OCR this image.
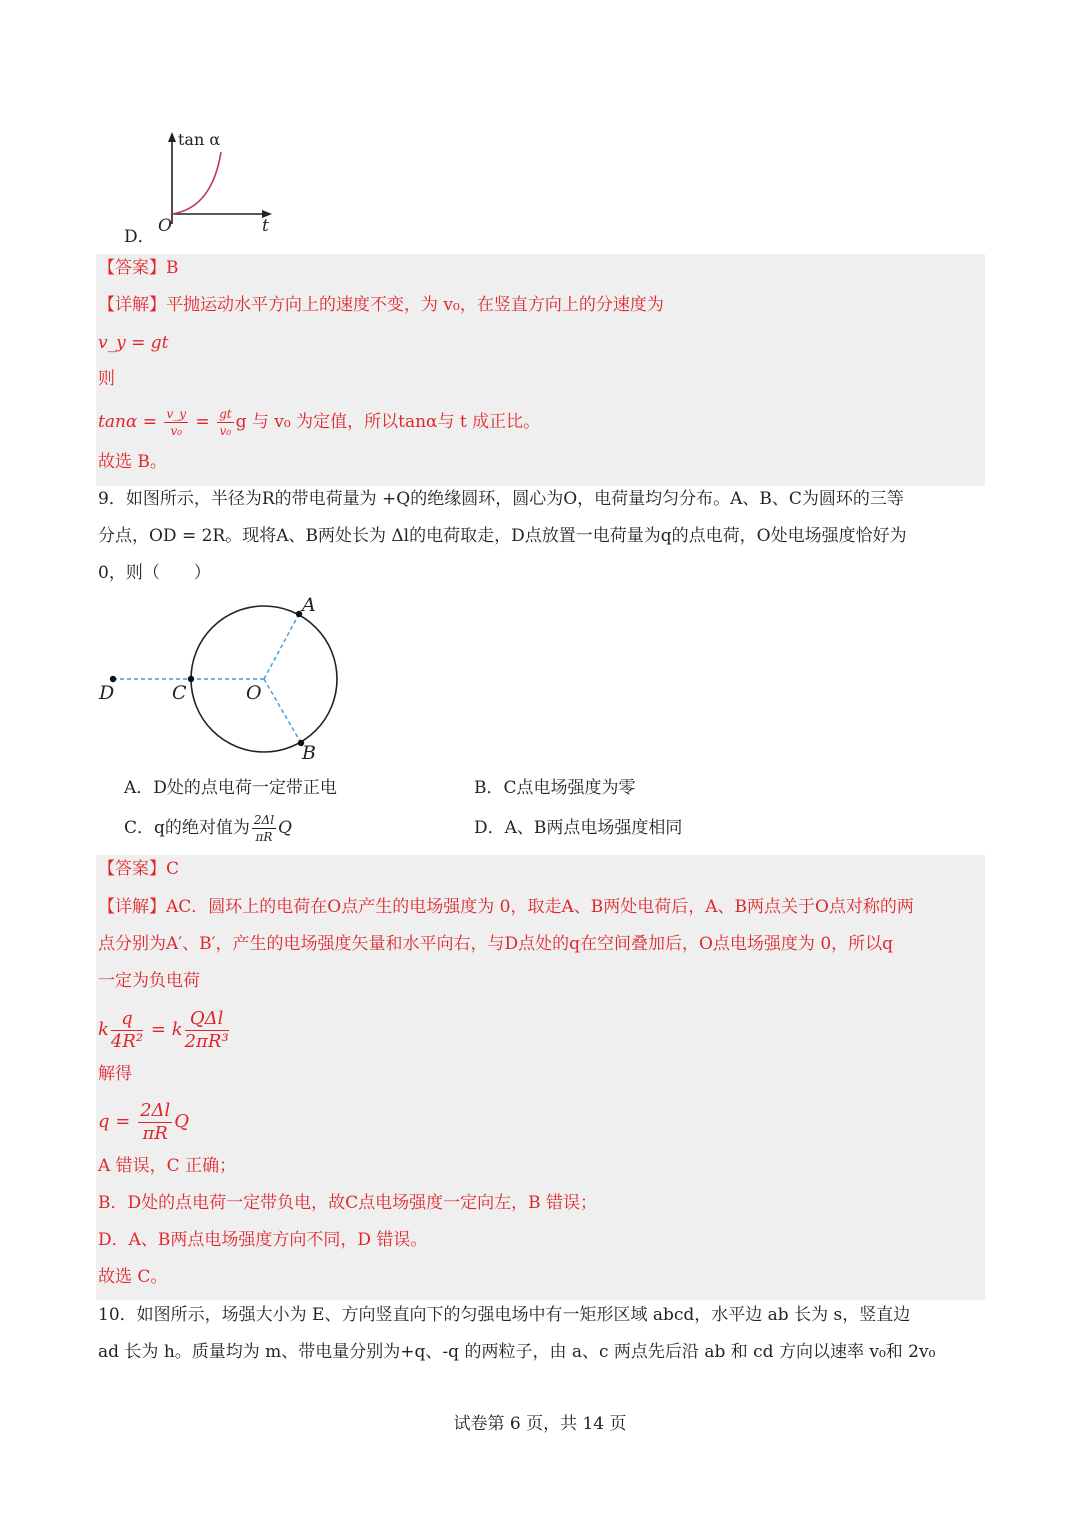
D．
tan α
O	t
【答案】B
【详解】平抛运动水平方向上的速度不变，为 v₀，在竖直方向上的分速度为
v_y = gt
则
$\tan\alpha = \frac{v\_y}{\text{v₀}} = \frac{gt}{\text{v₀}}$ g 与 v₀ 为定值，所以tanα与 t 成正比。
故选 B。
9．如图所示，半径为R的带电荷量为 +Q的绝缘圆环，圆心为O，电荷量均匀分布。A、B、C为圆环的三等
分点，OD = 2R。现将A、B两处长为 Δl的电荷取走，D点放置一电荷量为q的点电荷，O处电场强度恰好为
0，则（　　）
A
D	C	O
B
A．D处的点电荷一定带正电	B．C点电场强度为零
C．q的绝对值为 $\frac{2\Delta l}{\pi R}$ Q	D．A、B两点电场强度相同
【答案】C
【详解】AC．圆环上的电荷在O点产生的电场强度为 0，取走A、B两处电荷后，A、B两点关于O点对称的两
点分别为A′、B′，产生的电场强度矢量和水平向右，与D点处的q在空间叠加后，O点电场强度为 0，所以q
一定为负电荷
k $\frac{q}{\text{4R²}} = k \frac{\text{QΔl}}{\text{2πR³}}$
解得
$q = \frac{2\Delta l}{\pi R}$ Q
A 错误，C 正确；
B．D处的点电荷一定带负电，故C点电场强度一定向左，B 错误；
D．A、B两点电场强度方向不同，D 错误。
故选 C。
10．如图所示，场强大小为 E、方向竖直向下的匀强电场中有一矩形区域 abcd，水平边 ab 长为 s，竖直边
ad 长为 h。质量均为 m、带电量分别为+q、-q 的两粒子，由 a、c 两点先后沿 ab 和 cd 方向以速率 v₀和 2v₀
试卷第 6 页，共 14 页
